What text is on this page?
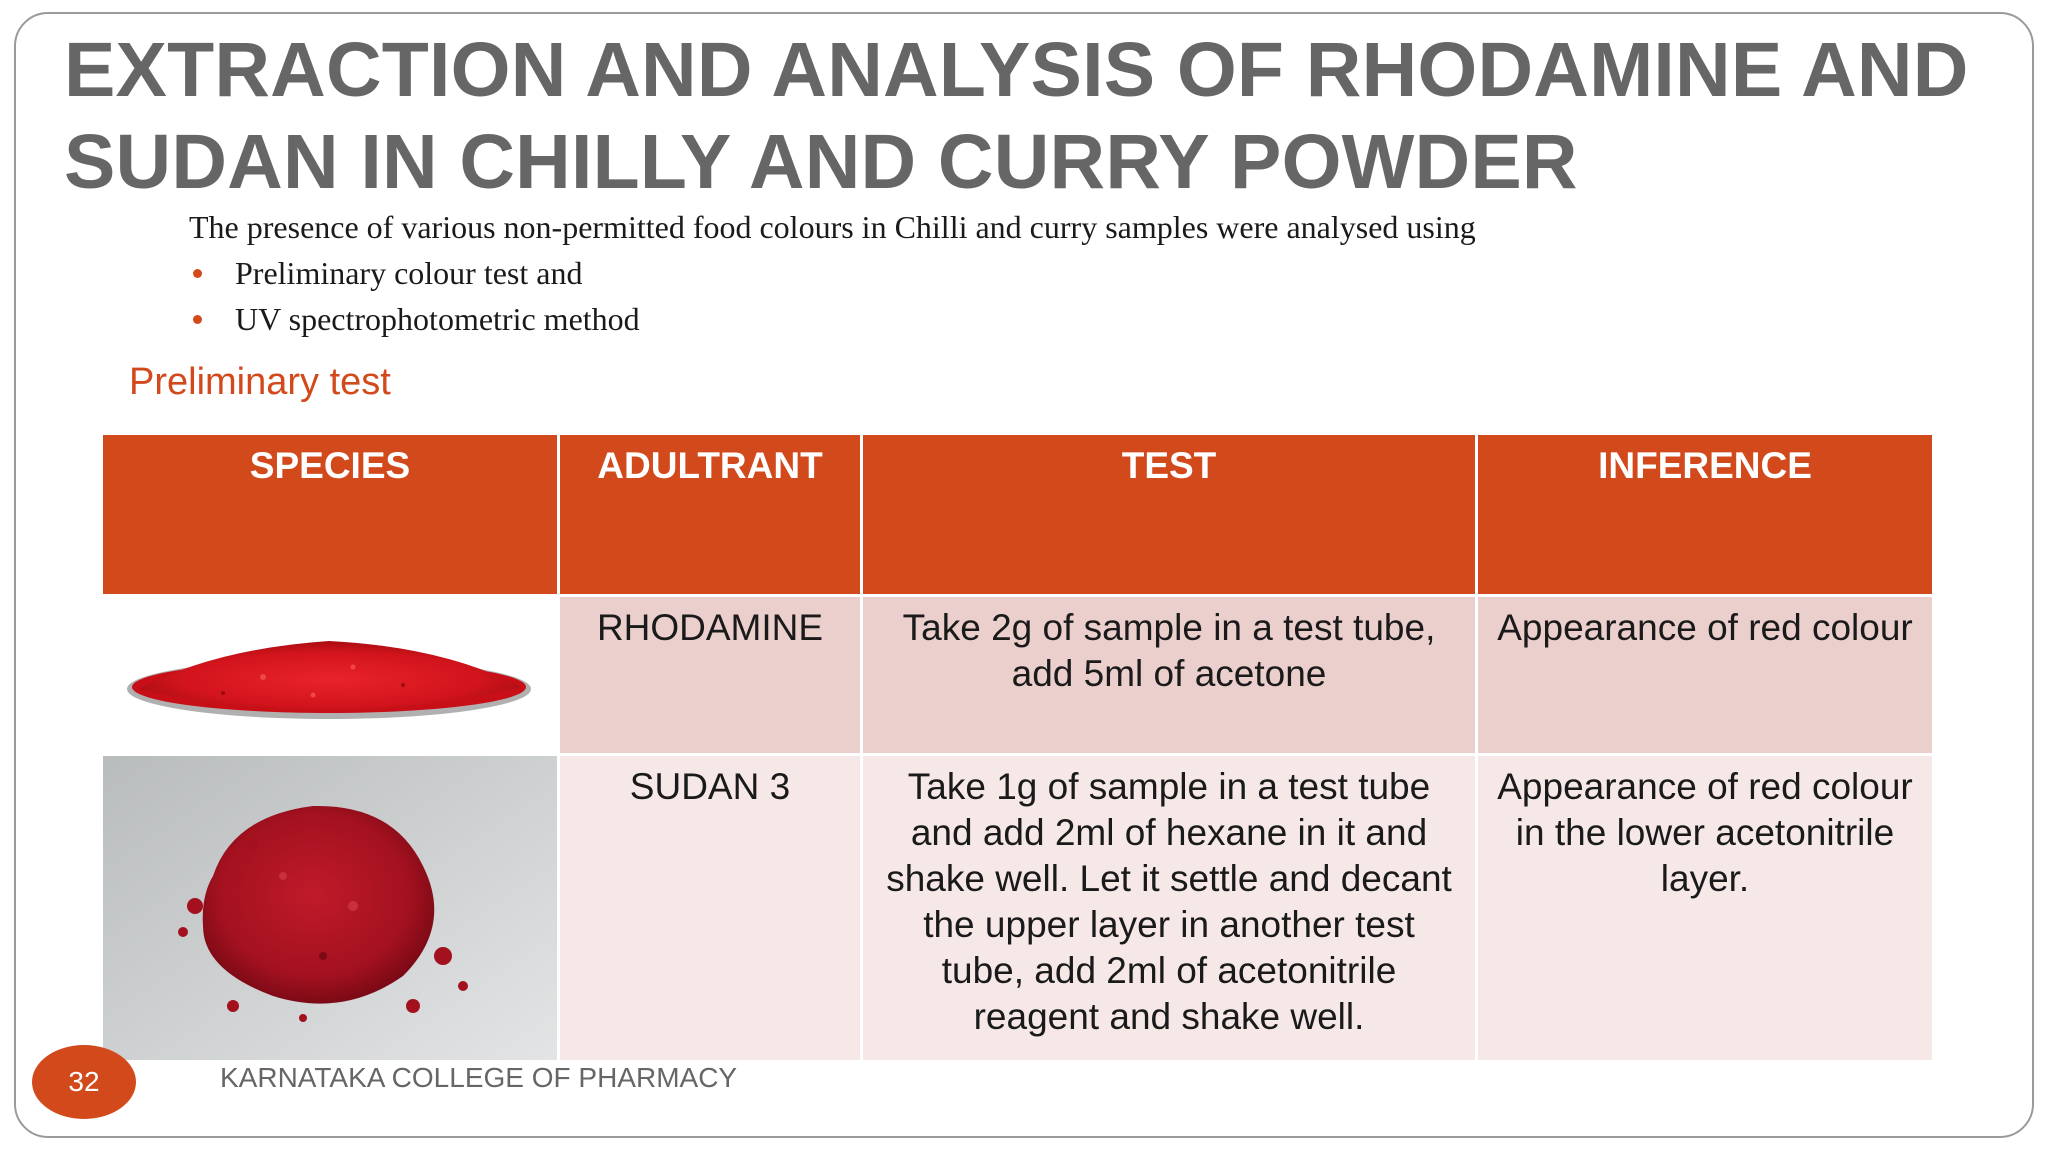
EXTRACTION AND ANALYSIS OF RHODAMINE AND SUDAN IN CHILLY AND CURRY POWDER
The presence of various non-permitted food colours in Chilli and curry samples were analysed using
Preliminary colour test and
UV spectrophotometric method
Preliminary test
SPECIES	ADULTRANT	TEST	INFERENCE

	RHODAMINE	Take 2g of sample in a test tube, add 5ml of acetone	Appearance of red colour

	SUDAN 3	Take 1g of sample in a test tube and add 2ml of hexane in it and shake well. Let it settle and decant the upper layer in another test tube, add 2ml of acetonitrile reagent and shake well.	Appearance of red colour in the lower acetonitrile layer.
32	KARNATAKA COLLEGE OF PHARMACY
